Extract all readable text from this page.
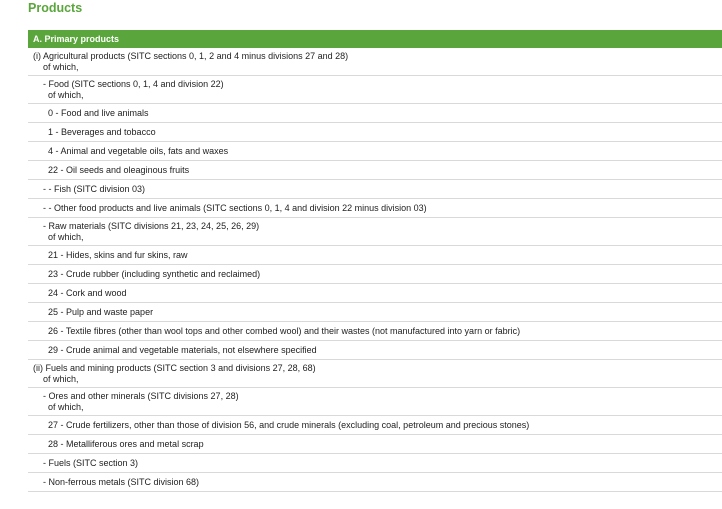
Products
A. Primary products
(i) Agricultural products (SITC sections 0, 1, 2 and 4 minus divisions 27 and 28)
of which,
- Food (SITC sections 0, 1, 4 and division 22)
of which,
0 - Food and live animals
1 - Beverages and tobacco
4 - Animal and vegetable oils, fats and waxes
22 - Oil seeds and oleaginous fruits
- - Fish (SITC division 03)
- - Other food products and live animals (SITC sections 0, 1, 4 and division 22 minus division 03)
- Raw materials (SITC divisions 21, 23, 24, 25, 26, 29)
of which,
21 - Hides, skins and fur skins, raw
23 - Crude rubber (including synthetic and reclaimed)
24 - Cork and wood
25 - Pulp and waste paper
26 - Textile fibres (other than wool tops and other combed wool) and their wastes (not manufactured into yarn or fabric)
29 - Crude animal and vegetable materials, not elsewhere specified
(ii) Fuels and mining products (SITC section 3 and divisions 27, 28, 68)
of which,
- Ores and other minerals (SITC divisions 27, 28)
of which,
27 - Crude fertilizers, other than those of division 56, and crude minerals (excluding coal, petroleum and precious stones)
28 - Metalliferous ores and metal scrap
- Fuels (SITC section 3)
- Non-ferrous metals (SITC division 68)
